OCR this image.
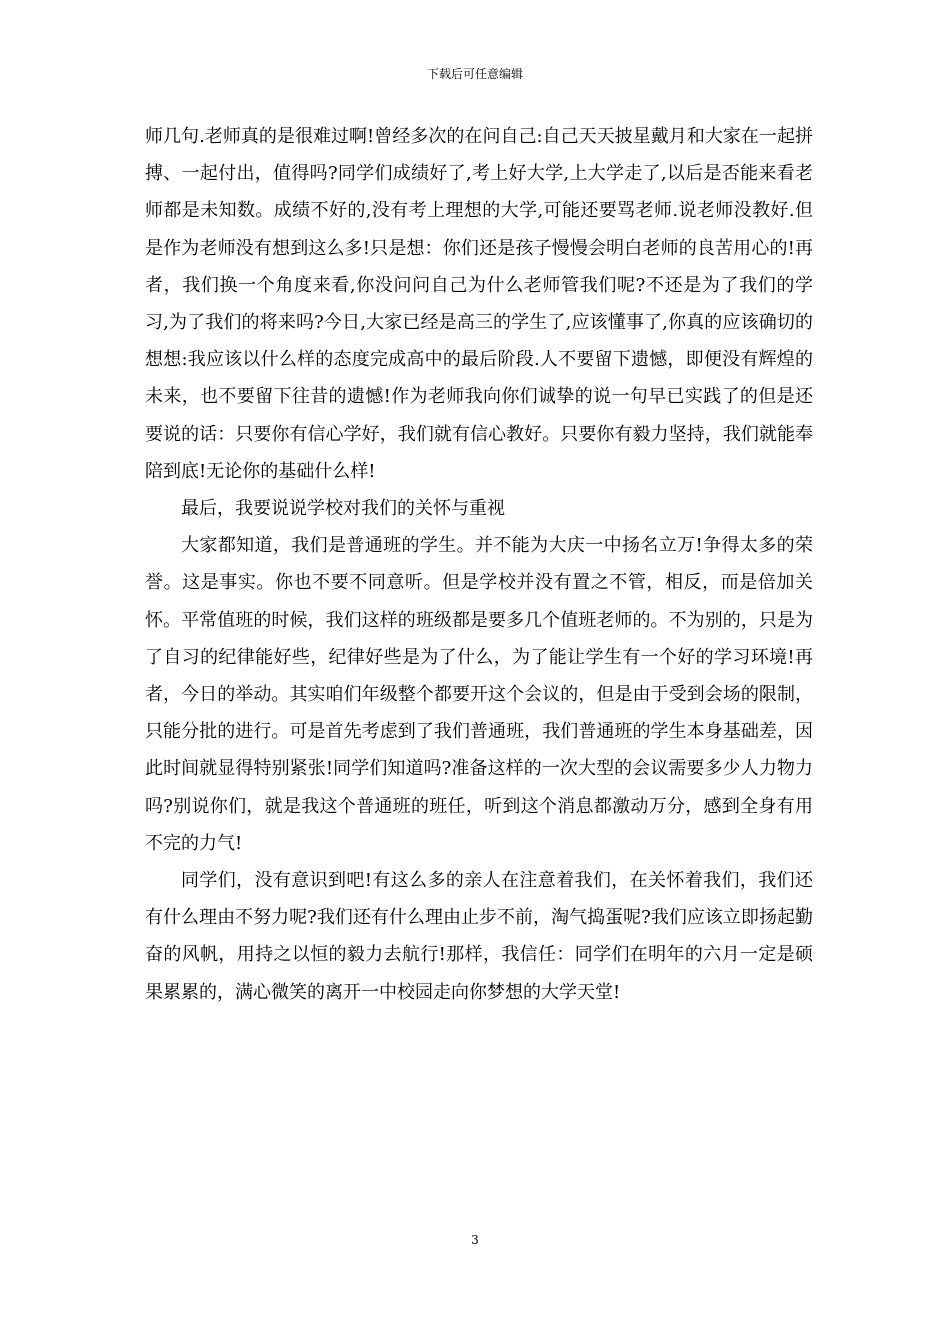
下载后可任意编辑

师几句.老师真的是很难过啊!曾经多次的在问自己:自己天天披星戴月和大家在一起拼搏、一起付出，值得吗?同学们成绩好了,考上好大学,上大学走了,以后是否能来看老师都是未知数。成绩不好的,没有考上理想的大学,可能还要骂老师.说老师没教好.但是作为老师没有想到这么多!只是想：你们还是孩子慢慢会明白老师的良苦用心的!再者，我们换一个角度来看,你没问问自己为什么老师管我们呢?不还是为了我们的学习,为了我们的将来吗?今日,大家已经是高三的学生了,应该懂事了,你真的应该确切的想想:我应该以什么样的态度完成高中的最后阶段.人不要留下遗憾，即便没有辉煌的未来，也不要留下往昔的遗憾!作为老师我向你们诚挚的说一句早已实践了的但是还要说的话：只要你有信心学好，我们就有信心教好。只要你有毅力坚持，我们就能奉陪到底!无论你的基础什么样!

最后，我要说说学校对我们的关怀与重视

大家都知道，我们是普通班的学生。并不能为大庆一中扬名立万!争得太多的荣誉。这是事实。你也不要不同意听。但是学校并没有置之不管，相反，而是倍加关怀。平常值班的时候，我们这样的班级都是要多几个值班老师的。不为别的，只是为了自习的纪律能好些，纪律好些是为了什么，为了能让学生有一个好的学习环境!再者，今日的举动。其实咱们年级整个都要开这个会议的，但是由于受到会场的限制，只能分批的进行。可是首先考虑到了我们普通班，我们普通班的学生本身基础差，因此时间就显得特别紧张!同学们知道吗?准备这样的一次大型的会议需要多少人力物力吗?别说你们，就是我这个普通班的班任，听到这个消息都激动万分，感到全身有用不完的力气!

同学们，没有意识到吧!有这么多的亲人在注意着我们，在关怀着我们，我们还有什么理由不努力呢?我们还有什么理由止步不前，淘气捣蛋呢?我们应该立即扬起勤奋的风帆，用持之以恒的毅力去航行!那样，我信任：同学们在明年的六月一定是硕果累累的，满心微笑的离开一中校园走向你梦想的大学天堂!

3
